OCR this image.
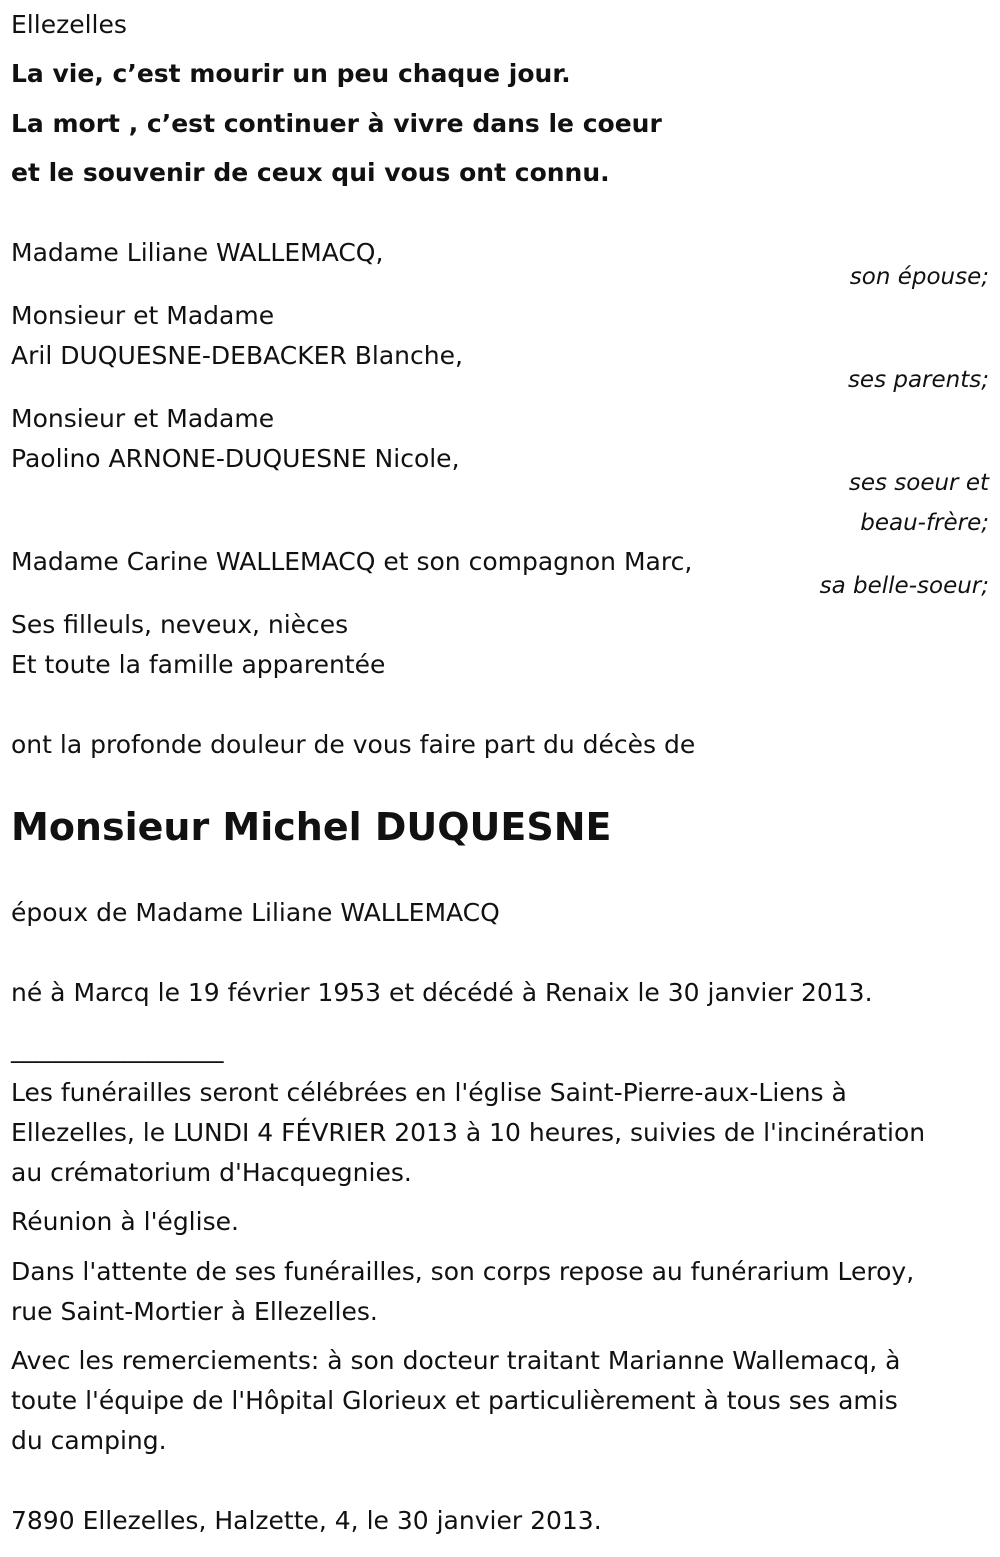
Ellezelles
La vie, c’est mourir un peu chaque jour.
La mort , c’est continuer à vivre dans le coeur
et le souvenir de ceux qui vous ont connu.
Madame Liliane WALLEMACQ,
son épouse;
Monsieur et Madame
Aril DUQUESNE-DEBACKER Blanche,
ses parents;
Monsieur et Madame
Paolino ARNONE-DUQUESNE Nicole,
ses soeur et
beau-frère;
Madame Carine WALLEMACQ et son compagnon Marc,
sa belle-soeur;
Ses filleuls, neveux, nièces
Et toute la famille apparentée
ont la profonde douleur de vous faire part du décès de
Monsieur Michel DUQUESNE
époux de Madame Liliane WALLEMACQ
né à Marcq le 19 février 1953 et décédé à Renaix le 30 janvier 2013.
_________________
Les funérailles seront célébrées en l'église Saint-Pierre-aux-Liens à
Ellezelles, le LUNDI 4 FÉVRIER 2013 à 10 heures, suivies de l'incinération
au crématorium d'Hacquegnies.
Réunion à l'église.
Dans l'attente de ses funérailles, son corps repose au funérarium Leroy,
rue Saint-Mortier à Ellezelles.
Avec les remerciements: à son docteur traitant Marianne Wallemacq, à
toute l'équipe de l'Hôpital Glorieux et particulièrement à tous ses amis
du camping.
7890 Ellezelles, Halzette, 4, le 30 janvier 2013.
